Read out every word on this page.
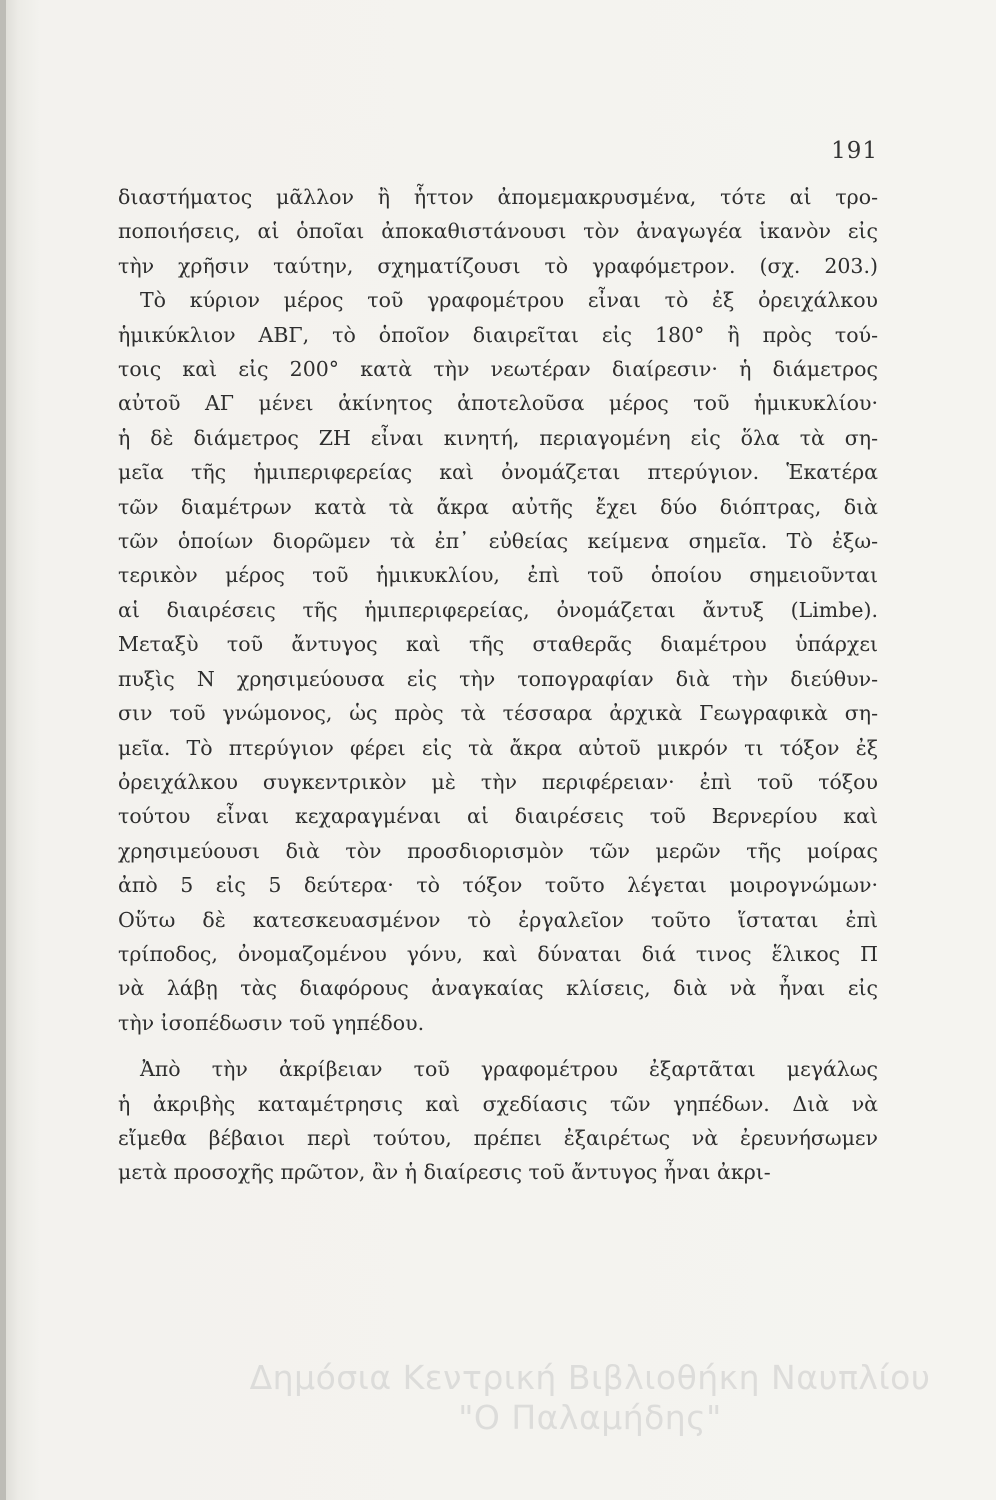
191

διαστήματος μᾶλλον ἢ ἧττον ἀπομεμακρυσμένα, τότε αἱ τρο-
ποποιήσεις, αἱ ὁποῖαι ἀποκαθιστάνουσι τὸν ἀναγωγέα ἱκανὸν εἰς
τὴν χρῆσιν ταύτην, σχηματίζουσι τὸ γραφόμετρον. (σχ. 203.)
Τὸ κύριον μέρος τοῦ γραφομέτρου εἶναι τὸ ἐξ ὀρειχάλκου
ἡμικύκλιον ΑΒΓ, τὸ ὁποῖον διαιρεῖται εἰς 180° ἢ πρὸς τού-
τοις καὶ εἰς 200° κατὰ τὴν νεωτέραν διαίρεσιν· ἡ διάμετρος
αὐτοῦ ΑΓ μένει ἀκίνητος ἀποτελοῦσα μέρος τοῦ ἡμικυκλίου·
ἡ δὲ διάμετρος ΖΗ εἶναι κινητή, περιαγομένη εἰς ὅλα τὰ ση-
μεῖα τῆς ἡμιπεριφερείας καὶ ὀνομάζεται πτερύγιον. Ἑκατέρα
τῶν διαμέτρων κατὰ τὰ ἄκρα αὐτῆς ἔχει δύο διόπτρας, διὰ
τῶν ὁποίων διορῶμεν τὰ ἐπ᾽ εὐθείας κείμενα σημεῖα. Τὸ ἐξω-
τερικὸν μέρος τοῦ ἡμικυκλίου, ἐπὶ τοῦ ὁποίου σημειοῦνται
αἱ διαιρέσεις τῆς ἡμιπεριφερείας, ὀνομάζεται ἄντυξ (Limbe).
Μεταξὺ τοῦ ἄντυγος καὶ τῆς σταθερᾶς διαμέτρου ὑπάρχει
πυξὶς Ν χρησιμεύουσα εἰς τὴν τοπογραφίαν διὰ τὴν διεύθυν-
σιν τοῦ γνώμονος, ὡς πρὸς τὰ τέσσαρα ἀρχικὰ Γεωγραφικὰ ση-
μεῖα. Τὸ πτερύγιον φέρει εἰς τὰ ἄκρα αὐτοῦ μικρόν τι τόξον ἐξ
ὀρειχάλκου συγκεντρικὸν μὲ τὴν περιφέρειαν· ἐπὶ τοῦ τόξου
τούτου εἶναι κεχαραγμέναι αἱ διαιρέσεις τοῦ Βερνερίου καὶ
χρησιμεύουσι διὰ τὸν προσδιορισμὸν τῶν μερῶν τῆς μοίρας
ἀπὸ 5 εἰς 5 δεύτερα· τὸ τόξον τοῦτο λέγεται μοιρογνώμων·
Οὕτω δὲ κατεσκευασμένον τὸ ἐργαλεῖον τοῦτο ἵσταται ἐπὶ
τρίποδος, ὀνομαζομένου γόνυ, καὶ δύναται διά τινος ἕλικος Π
νὰ λάβῃ τὰς διαφόρους ἀναγκαίας κλίσεις, διὰ νὰ ἦναι εἰς
τὴν ἰσοπέδωσιν τοῦ γηπέδου.

Ἀπὸ τὴν ἀκρίβειαν τοῦ γραφομέτρου ἐξαρτᾶται μεγάλως
ἡ ἀκριβὴς καταμέτρησις καὶ σχεδίασις τῶν γηπέδων. Διὰ νὰ
εἴμεθα βέβαιοι περὶ τούτου, πρέπει ἐξαιρέτως νὰ ἐρευνήσωμεν
μετὰ προσοχῆς πρῶτον, ἂν ἡ διαίρεσις τοῦ ἄντυγος ἦναι ἀκρι-

Δημόσια Κεντρική Βιβλιοθήκη Ναυπλίου
"Ο Παλαμήδης"
